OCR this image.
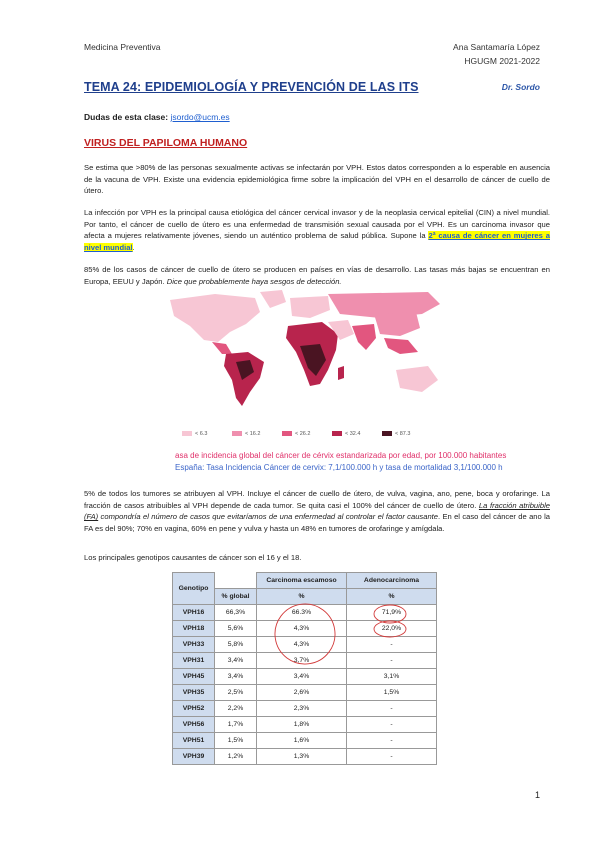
Medicina Preventiva	Ana Santamaría López
HGUGM 2021-2022
TEMA 24: EPIDEMIOLOGÍA Y PREVENCIÓN DE LAS ITS	Dr. Sordo
Dudas de esta clase: jsordo@ucm.es
VIRUS DEL PAPILOMA HUMANO
Se estima que >80% de las personas sexualmente activas se infectarán por VPH. Estos datos corresponden a lo esperable en ausencia de la vacuna de VPH. Existe una evidencia epidemiológica firme sobre la implicación del VPH en el desarrollo de cáncer de cuello de útero.
La infección por VPH es la principal causa etiológica del cáncer cervical invasor y de la neoplasia cervical epitelial (CIN) a nivel mundial. Por tanto, el cáncer de cuello de útero es una enfermedad de transmisión sexual causada por el VPH. Es un carcinoma invasor que afecta a mujeres relativamente jóvenes, siendo un auténtico problema de salud pública. Supone la 2ª causa de cáncer en mujeres a nivel mundial.
85% de los casos de cáncer de cuello de útero se producen en países en vías de desarrollo. Las tasas más bajas se encuentran en Europa, EEUU y Japón. Dice que probablemente haya sesgos de detección.
< 6.3	< 16.2	< 26.2	< 32.4	< 87.3
asa de incidencia global del cáncer de cérvix estandarizada por edad, por 100.000 habitantes
España: Tasa Incidencia Cáncer de cervix: 7,1/100.000 h y tasa de mortalidad 3,1/100.000 h
5% de todos los tumores se atribuyen al VPH. Incluye el cáncer de cuello de útero, de vulva, vagina, ano, pene, boca y orofaringe. La fracción de casos atribuibles al VPH depende de cada tumor. Se quita casi el 100% del cáncer de cuello de útero. La fracción atribuible (FA) compondría el número de casos que evitaríamos de una enfermedad al controlar el factor causante. En el caso del cáncer de ano la FA es del 90%; 70% en vagina, 60% en pene y vulva y hasta un 48% en tumores de orofaringe y amígdala.
Los principales genotipos causantes de cáncer son el 16 y el 18.
Genotipo		Carcinoma escamoso	Adenocarcinoma
	% global	%	%
VPH16	66,3%	66.3%	71,9%
VPH18	5,6%	4,3%	22,0%
VPH33	5,8%	4,3%	-
VPH31	3,4%	3,7%	-
VPH45	3,4%	3,4%	3,1%
VPH35	2,5%	2,6%	1,5%
VPH52	2,2%	2,3%	-
VPH56	1,7%	1,8%	-
VPH51	1,5%	1,6%	-
VPH39	1,2%	1,3%	-
1
